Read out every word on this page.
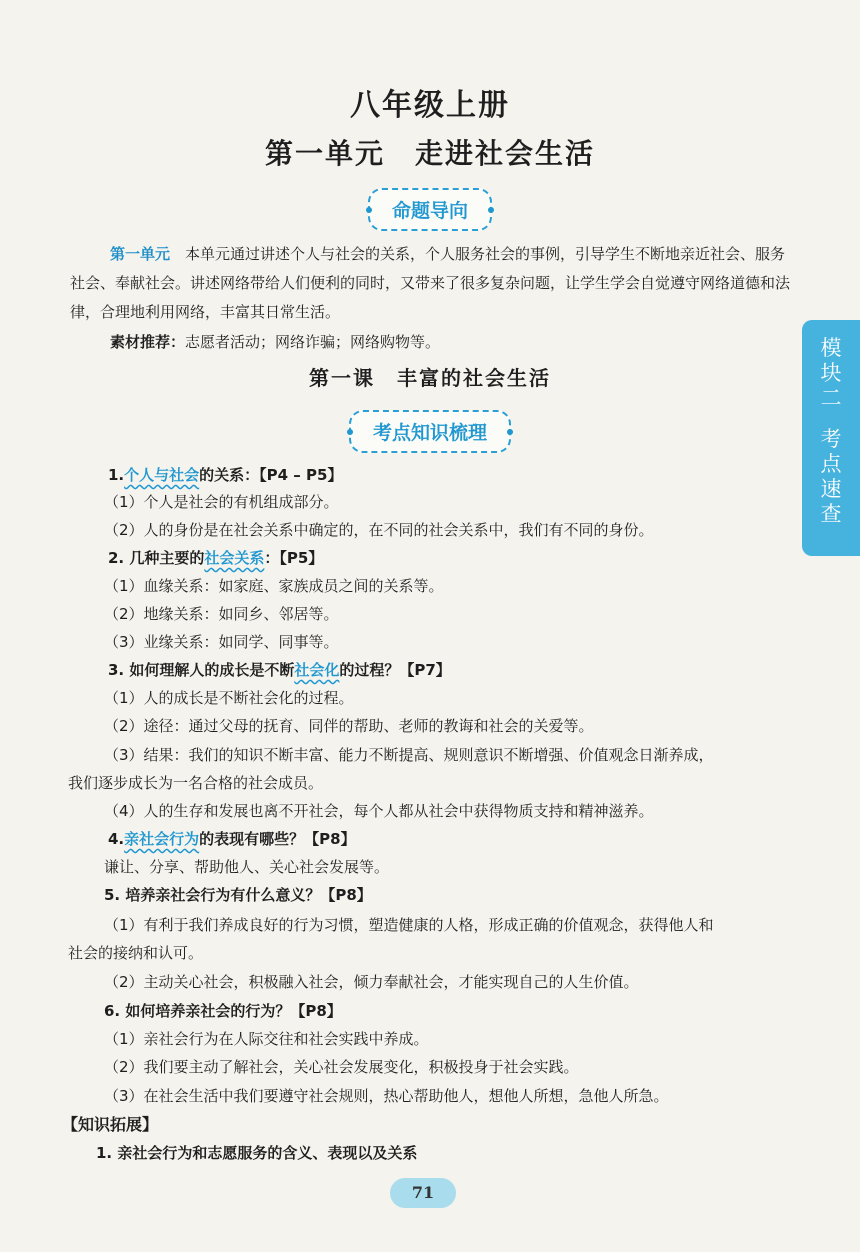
八年级上册
第一单元　走进社会生活
命题导向
第一单元　 本单元通过讲述个人与社会的关系，个人服务社会的事例，引导学生不断地亲近社会、服务社会、奉献社会。讲述网络带给人们便利的同时，又带来了很多复杂问题，让学生学会自觉遵守网络道德和法律，合理地利用网络，丰富其日常生活。
素材推荐：志愿者活动；网络诈骗；网络购物等。
第一课　丰富的社会生活
考点知识梳理
1.个人与社会的关系：【P4 – P5】
（1）个人是社会的有机组成部分。
（2）人的身份是在社会关系中确定的，在不同的社会关系中，我们有不同的身份。
2. 几种主要的社会关系：【P5】
（1）血缘关系：如家庭、家族成员之间的关系等。
（2）地缘关系：如同乡、邻居等。
（3）业缘关系：如同学、同事等。
3. 如何理解人的成长是不断社会化的过程？【P7】
（1）人的成长是不断社会化的过程。
（2）途径：通过父母的抚育、同伴的帮助、老师的教诲和社会的关爱等。
（3）结果：我们的知识不断丰富、能力不断提高、规则意识不断增强、价值观念日渐养成，
我们逐步成长为一名合格的社会成员。
（4）人的生存和发展也离不开社会，每个人都从社会中获得物质支持和精神滋养。
4.亲社会行为的表现有哪些？【P8】
谦让、分享、帮助他人、关心社会发展等。
5. 培养亲社会行为有什么意义？【P8】
（1）有利于我们养成良好的行为习惯，塑造健康的人格，形成正确的价值观念，获得他人和
社会的接纳和认可。
（2）主动关心社会，积极融入社会，倾力奉献社会，才能实现自己的人生价值。
6. 如何培养亲社会的行为？【P8】
（1）亲社会行为在人际交往和社会实践中养成。
（2）我们要主动了解社会，关心社会发展变化，积极投身于社会实践。
（3）在社会生活中我们要遵守社会规则，热心帮助他人，想他人所想，急他人所急。
【知识拓展】
1. 亲社会行为和志愿服务的含义、表现以及关系
模
块
二
考
点
速
查
71
